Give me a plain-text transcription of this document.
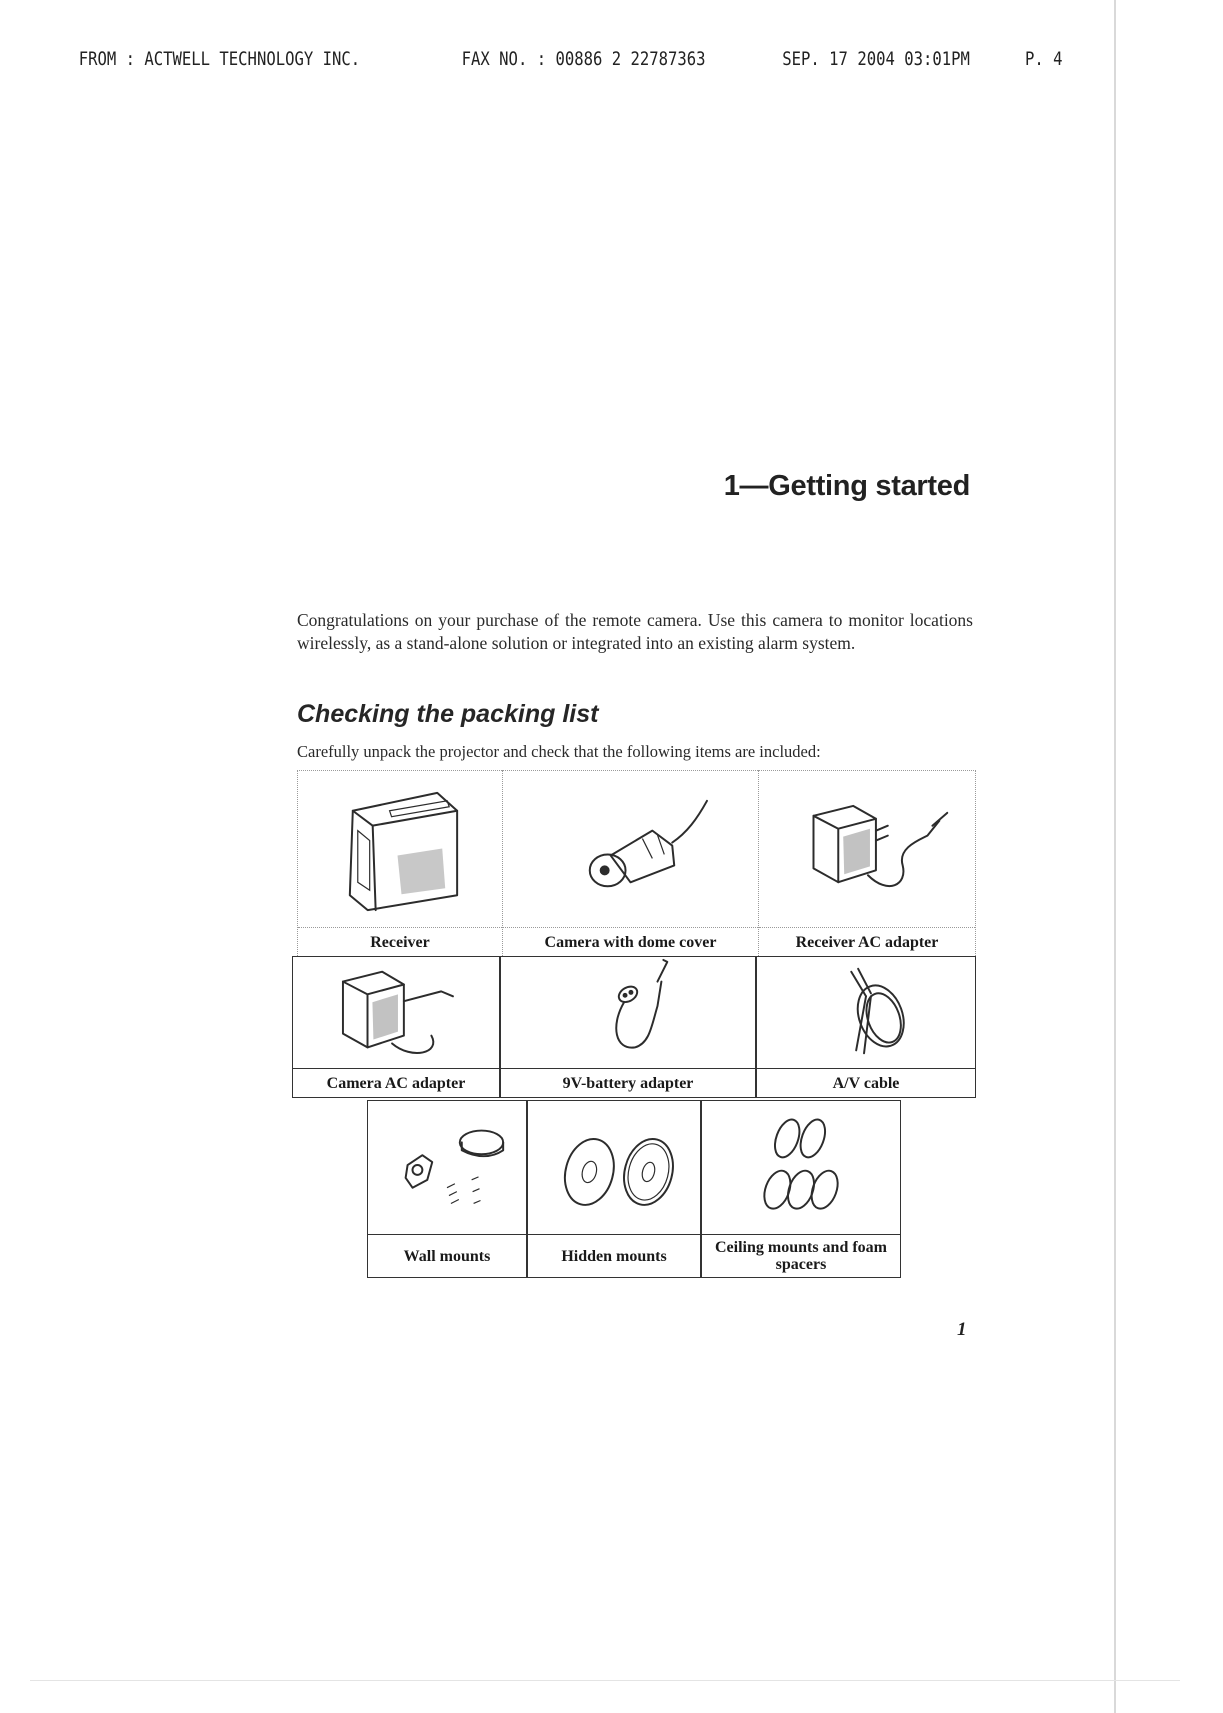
FROM : ACTWELL TECHNOLOGY INC.	FAX NO. : 00886 2 22787363	SEP. 17 2004 03:01PM	P. 4
1—Getting started
Congratulations on your purchase of the remote camera. Use this camera to monitor locations wirelessly, as a stand-alone solution or integrated into an existing alarm system.
Checking the packing list
Carefully unpack the projector and check that the following items are included:
Receiver	Camera with dome cover	Receiver AC adapter
Camera AC adapter	9V-battery adapter	A/V cable
Wall mounts	Hidden mounts	Ceiling mounts and foam spacers
1
